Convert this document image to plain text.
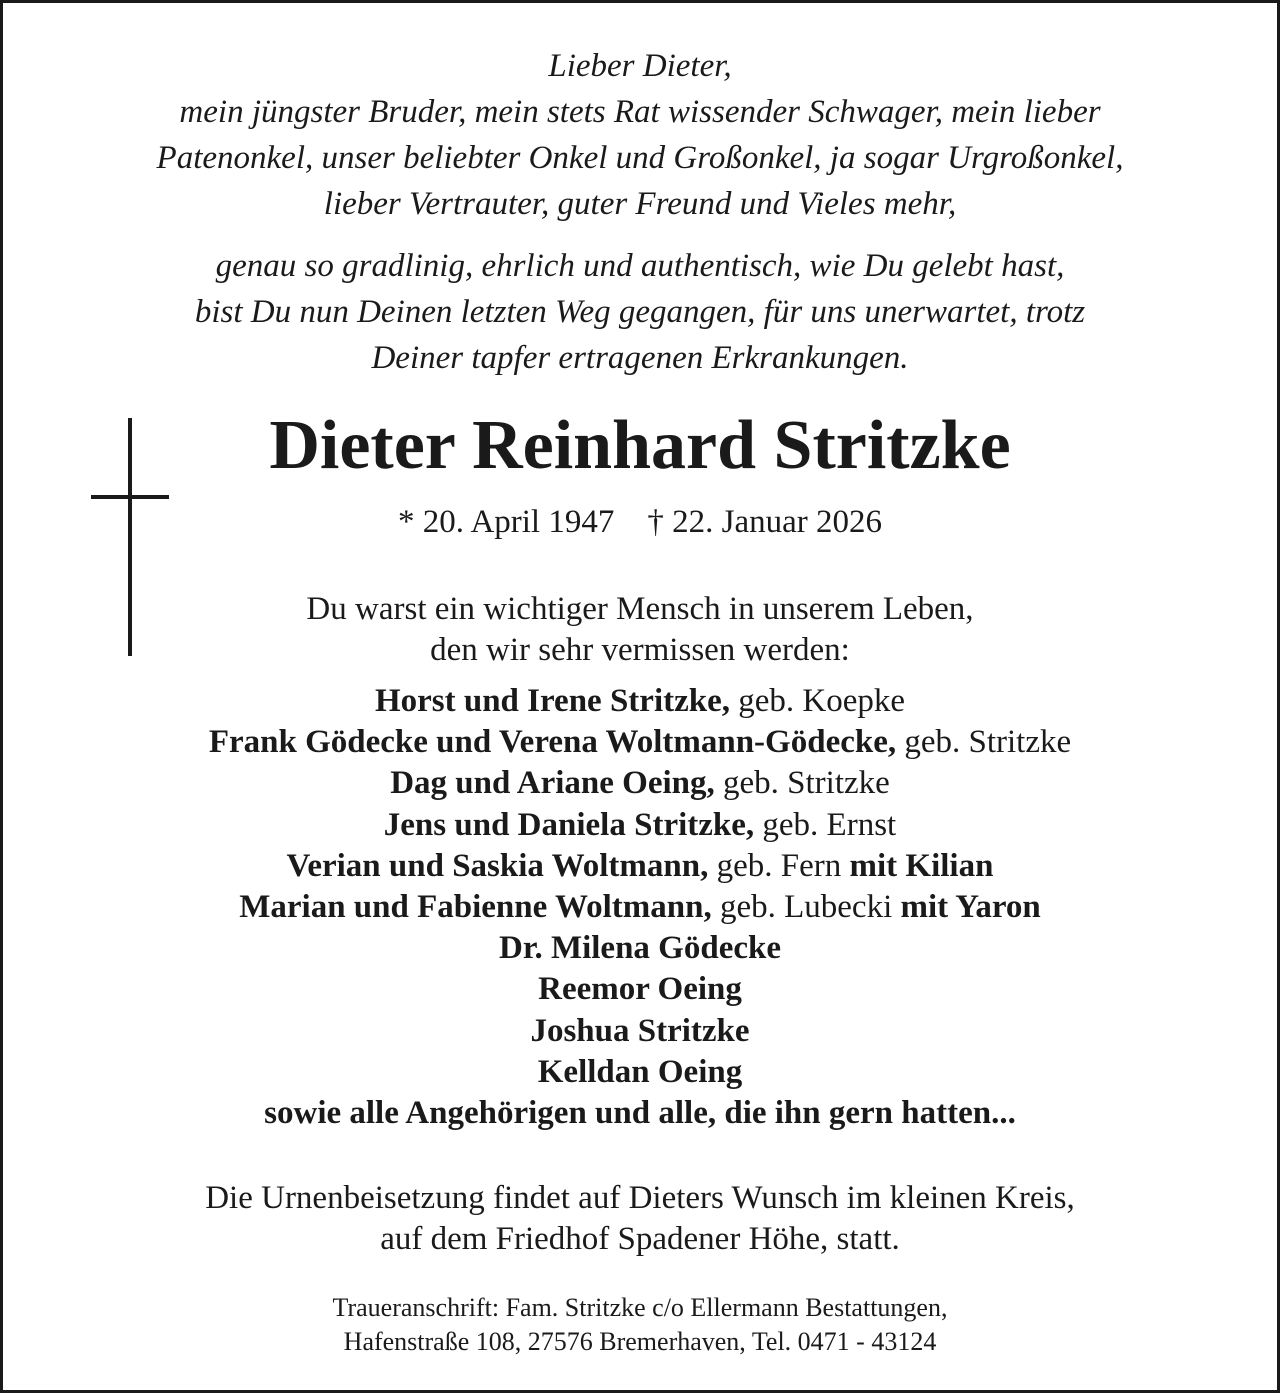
Lieber Dieter,
mein jüngster Bruder, mein stets Rat wissender Schwager, mein lieber
Patenonkel, unser beliebter Onkel und Großonkel, ja sogar Urgroßonkel,
lieber Vertrauter, guter Freund und Vieles mehr,
genau so gradlinig, ehrlich und authentisch, wie Du gelebt hast,
bist Du nun Deinen letzten Weg gegangen, für uns unerwartet, trotz
Deiner tapfer ertragenen Erkrankungen.
Dieter Reinhard Stritzke
* 20. April 1947    † 22. Januar 2026
Du warst ein wichtiger Mensch in unserem Leben,
den wir sehr vermissen werden:
Horst und Irene Stritzke, geb. Koepke
Frank Gödecke und Verena Woltmann-Gödecke, geb. Stritzke
Dag und Ariane Oeing, geb. Stritzke
Jens und Daniela Stritzke, geb. Ernst
Verian und Saskia Woltmann, geb. Fern mit Kilian
Marian und Fabienne Woltmann, geb. Lubecki mit Yaron
Dr. Milena Gödecke
Reemor Oeing
Joshua Stritzke
Kelldan Oeing
sowie alle Angehörigen und alle, die ihn gern hatten...
Die Urnenbeisetzung findet auf Dieters Wunsch im kleinen Kreis,
auf dem Friedhof Spadener Höhe, statt.
Traueranschrift: Fam. Stritzke c/o Ellermann Bestattungen,
Hafenstraße 108, 27576 Bremerhaven, Tel. 0471 - 43124
